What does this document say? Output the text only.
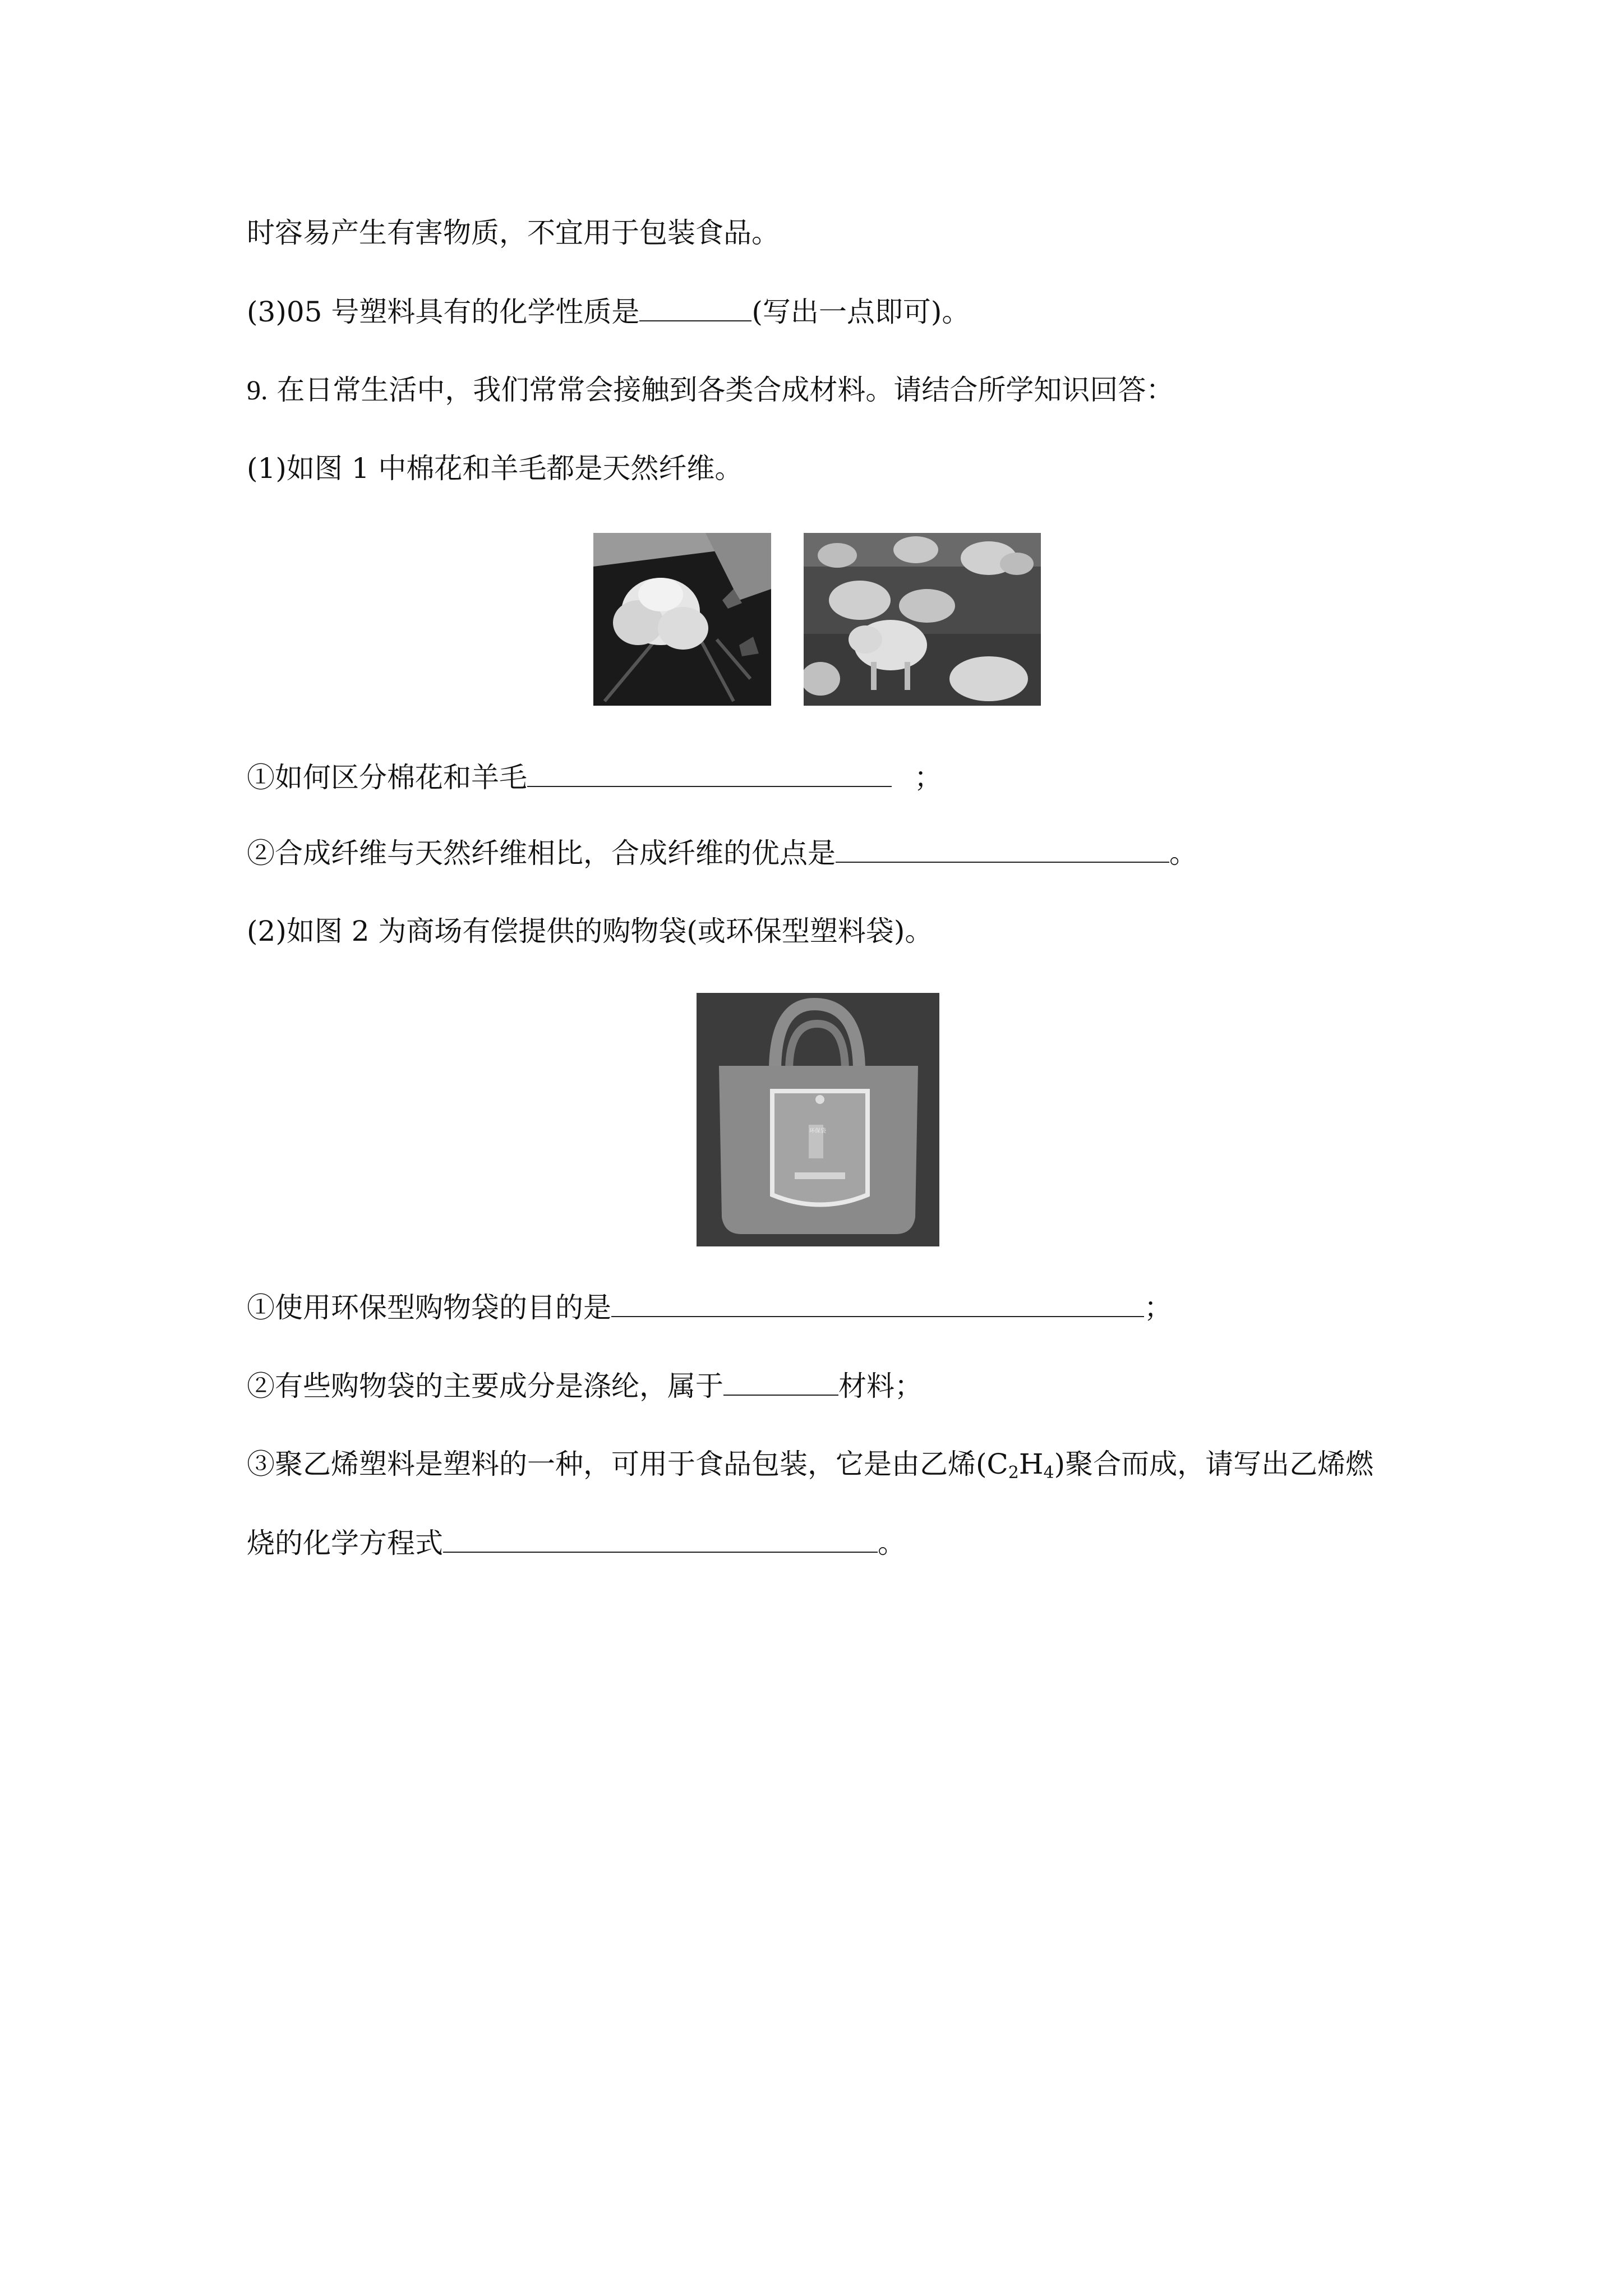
时容易产生有害物质，不宜用于包装食品。

(3)05 号塑料具有的化学性质是	(写出一点即可)。

9. 在日常生活中，我们常常会接触到各类合成材料。请结合所学知识回答：

(1)如图 1 中棉花和羊毛都是天然纤维。

①如何区分棉花和羊毛	；

②合成纤维与天然纤维相比，合成纤维的优点是	。

(2)如图 2 为商场有偿提供的购物袋(或环保型塑料袋)。

环保袋

①使用环保型购物袋的目的是	；

②有些购物袋的主要成分是涤纶，属于	材料；

③聚乙烯塑料是塑料的一种，可用于食品包装，它是由乙烯$(C_2H_4)$聚合而成，请写出乙烯燃

烧的化学方程式	。
